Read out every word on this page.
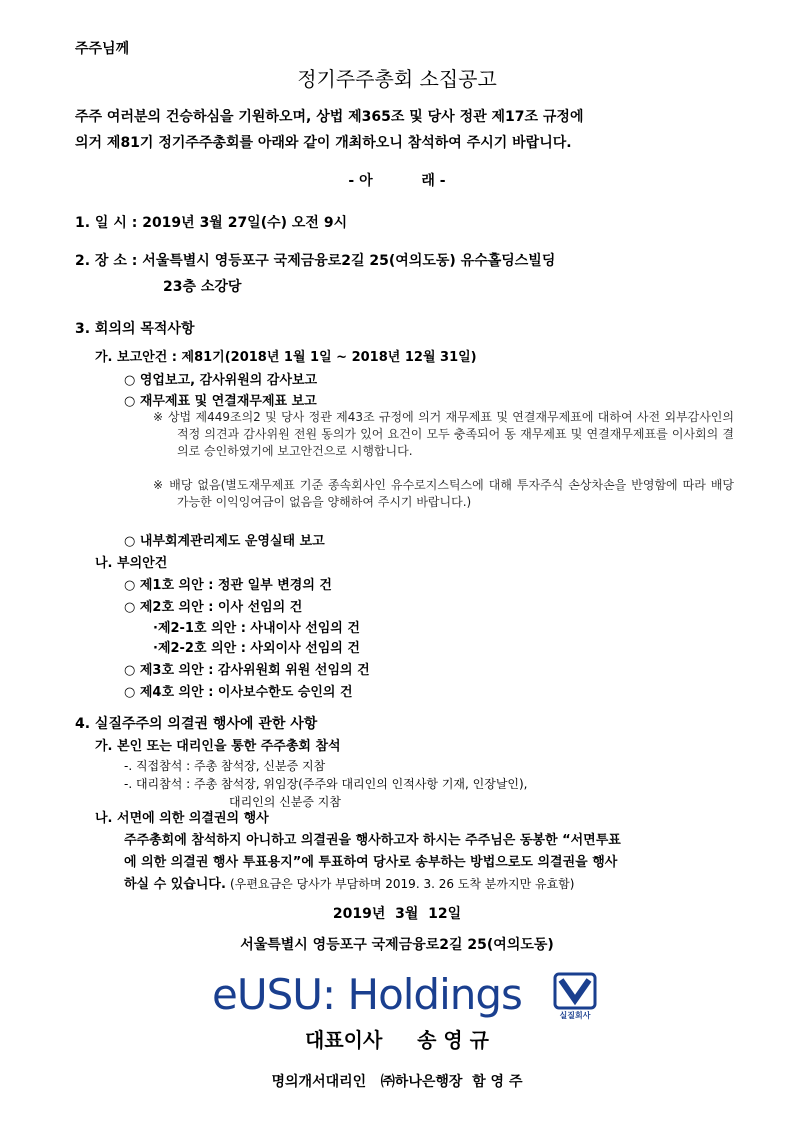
주주님께
정기주주총회 소집공고
주주 여러분의 건승하심을 기원하오며, 상법 제365조 및 당사 정관 제17조 규정에
의거 제81기 정기주주총회를 아래와 같이 개최하오니 참석하여 주시기 바랍니다.
- 아          래 -
1. 일 시 : 2019년 3월 27일(수) 오전 9시
2. 장 소 : 서울특별시 영등포구 국제금융로2길 25(여의도동) 유수홀딩스빌딩
23층 소강당
3. 회의의 목적사항
가. 보고안건 : 제81기(2018년 1월 1일 ~ 2018년 12월 31일)
○ 영업보고, 감사위원의 감사보고
○ 재무제표 및 연결재무제표 보고
※ 상법 제449조의2 및 당사 정관 제43조 규정에 의거 재무제표 및 연결재무제표에 대하여 사전 외부감사인의 적정 의견과 감사위원 전원 동의가 있어 요건이 모두 충족되어 동 재무제표 및 연결재무제표를 이사회의 결의로 승인하였기에 보고안건으로 시행합니다.
※ 배당 없음(별도재무제표 기준 종속회사인 유수로지스틱스에 대해 투자주식 손상차손을 반영함에 따라 배당 가능한 이익잉여금이 없음을 양해하여 주시기 바랍니다.)
○ 내부회계관리제도 운영실태 보고
나. 부의안건
○ 제1호 의안 : 정관 일부 변경의 건
○ 제2호 의안 : 이사 선임의 건
·제2-1호 의안 : 사내이사 선임의 건
·제2-2호 의안 : 사외이사 선임의 건
○ 제3호 의안 : 감사위원회 위원 선임의 건
○ 제4호 의안 : 이사보수한도 승인의 건
4. 실질주주의 의결권 행사에 관한 사항
가. 본인 또는 대리인을 통한 주주총회 참석
-. 직접참석 : 주총 참석장, 신분증 지참
-. 대리참석 : 주총 참석장, 위임장(주주와 대리인의 인적사항 기재, 인장날인),
대리인의 신분증 지참
나. 서면에 의한 의결권의 행사
주주총회에 참석하지 아니하고 의결권을 행사하고자 하시는 주주님은 동봉한 “서면투표
에 의한 의결권 행사 투표용지”에 투표하여 당사로 송부하는 방법으로도 의결권을 행사
하실 수 있습니다. (우편요금은 당사가 부담하며 2019. 3. 26 도착 분까지만 유효함)
2019년  3월  12일
서울특별시 영등포구 국제금융로2길 25(여의도동)
eUSU: Holdings	실질회사
대표이사     송 영 규
명의개서대리인   ㈜하나은행장  함 영 주
